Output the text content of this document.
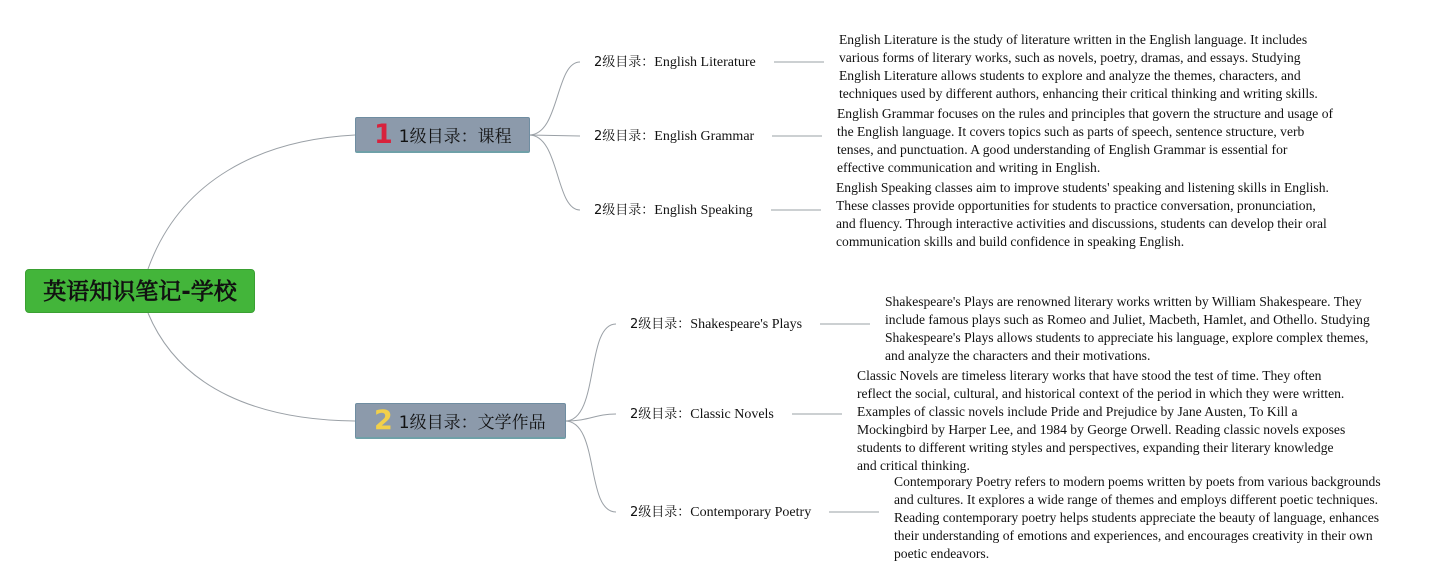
英语知识笔记-学校
1 1级目录：课程
2 1级目录：文学作品
2级目录：English Literature
2级目录：English Grammar
2级目录：English Speaking
2级目录：Shakespeare's Plays
2级目录：Classic Novels
2级目录：Contemporary Poetry
English Literature is the study of literature written in the English language. It includes various forms of literary works, such as novels, poetry, dramas, and essays. Studying English Literature allows students to explore and analyze the themes, characters, and techniques used by different authors, enhancing their critical thinking and writing skills.
English Grammar focuses on the rules and principles that govern the structure and usage of the English language. It covers topics such as parts of speech, sentence structure, verb tenses, and punctuation. A good understanding of English Grammar is essential for effective communication and writing in English.
English Speaking classes aim to improve students' speaking and listening skills in English. These classes provide opportunities for students to practice conversation, pronunciation, and fluency. Through interactive activities and discussions, students can develop their oral communication skills and build confidence in speaking English.
Shakespeare's Plays are renowned literary works written by William Shakespeare. They include famous plays such as Romeo and Juliet, Macbeth, Hamlet, and Othello. Studying Shakespeare's Plays allows students to appreciate his language, explore complex themes, and analyze the characters and their motivations.
Classic Novels are timeless literary works that have stood the test of time. They often reflect the social, cultural, and historical context of the period in which they were written. Examples of classic novels include Pride and Prejudice by Jane Austen, To Kill a Mockingbird by Harper Lee, and 1984 by George Orwell. Reading classic novels exposes students to different writing styles and perspectives, expanding their literary knowledge and critical thinking.
Contemporary Poetry refers to modern poems written by poets from various backgrounds and cultures. It explores a wide range of themes and employs different poetic techniques. Reading contemporary poetry helps students appreciate the beauty of language, enhances their understanding of emotions and experiences, and encourages creativity in their own poetic endeavors.
